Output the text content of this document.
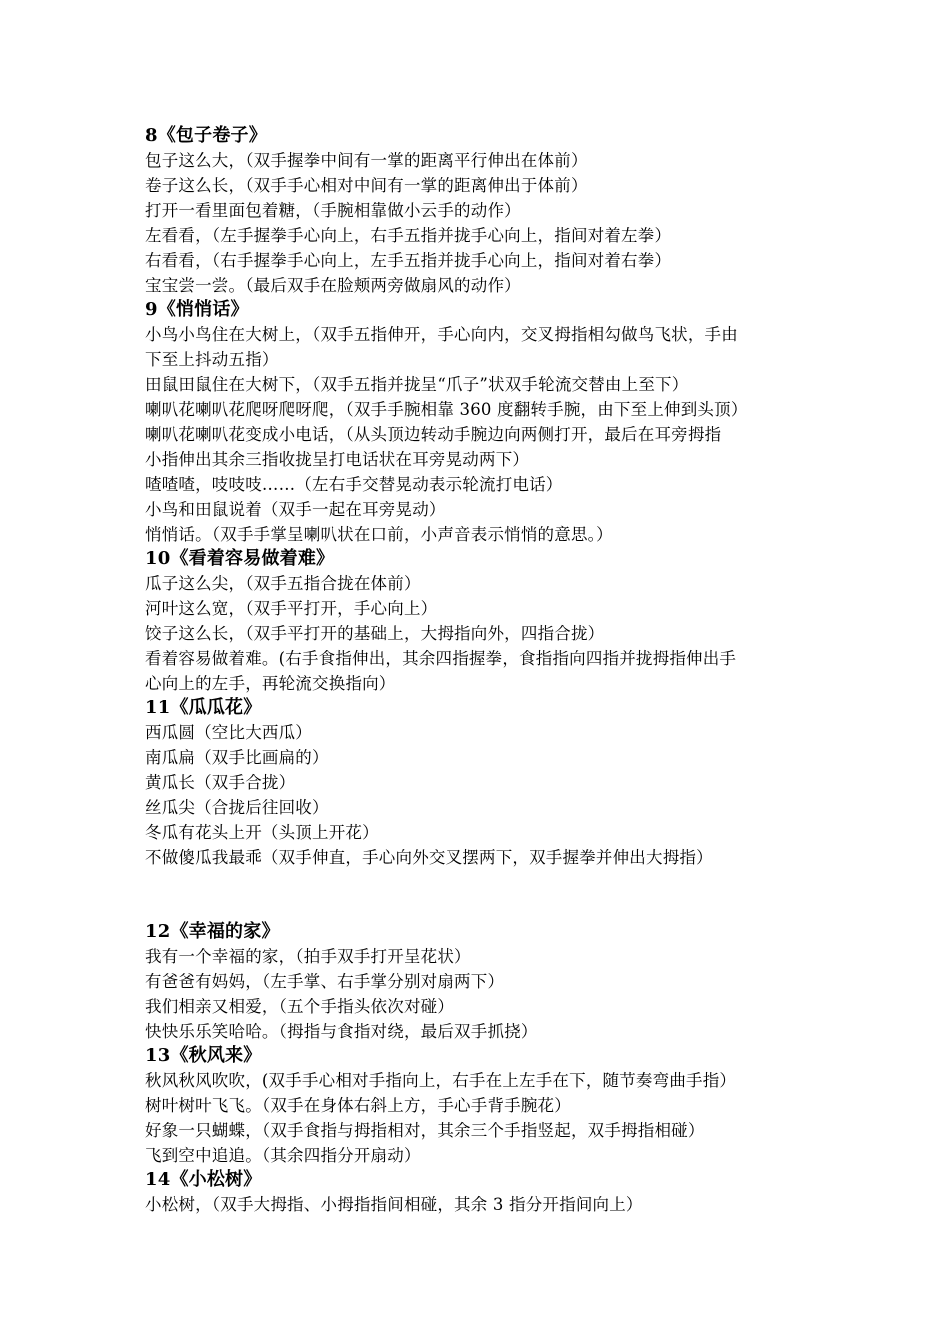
8《包子卷子》
包子这么大，（双手握拳中间有一掌的距离平行伸出在体前）
卷子这么长，（双手手心相对中间有一掌的距离伸出于体前）
打开一看里面包着糖，（手腕相靠做小云手的动作）
左看看，（左手握拳手心向上，右手五指并拢手心向上，指间对着左拳）
右看看，（右手握拳手心向上，左手五指并拢手心向上，指间对着右拳）
宝宝尝一尝。（最后双手在脸颊两旁做扇风的动作）
9《悄悄话》
小鸟小鸟住在大树上，（双手五指伸开，手心向内，交叉拇指相勾做鸟飞状，手由
下至上抖动五指）
田鼠田鼠住在大树下，（双手五指并拢呈“爪子”状双手轮流交替由上至下）
喇叭花喇叭花爬呀爬呀爬，（双手手腕相靠 360 度翻转手腕，由下至上伸到头顶）
喇叭花喇叭花变成小电话，（从头顶边转动手腕边向两侧打开，最后在耳旁拇指
小指伸出其余三指收拢呈打电话状在耳旁晃动两下）
喳喳喳，吱吱吱……（左右手交替晃动表示轮流打电话）
小鸟和田鼠说着（双手一起在耳旁晃动）
悄悄话。（双手手掌呈喇叭状在口前，小声音表示悄悄的意思。）
10《看着容易做着难》
瓜子这么尖，（双手五指合拢在体前）
河叶这么宽，（双手平打开，手心向上）
饺子这么长，（双手平打开的基础上，大拇指向外，四指合拢）
看着容易做着难。(右手食指伸出，其余四指握拳，食指指向四指并拢拇指伸出手
心向上的左手，再轮流交换指向）
11《瓜瓜花》
西瓜圆（空比大西瓜）
南瓜扁（双手比画扁的）
黄瓜长（双手合拢）
丝瓜尖（合拢后往回收）
冬瓜有花头上开（头顶上开花）
不做傻瓜我最乖（双手伸直，手心向外交叉摆两下，双手握拳并伸出大拇指）
12《幸福的家》
我有一个幸福的家，（拍手双手打开呈花状）
有爸爸有妈妈，（左手掌、右手掌分别对扇两下）
我们相亲又相爱，（五个手指头依次对碰）
快快乐乐笑哈哈。（拇指与食指对绕，最后双手抓挠）
13《秋风来》
秋风秋风吹吹，(双手手心相对手指向上，右手在上左手在下，随节奏弯曲手指）
树叶树叶飞飞。（双手在身体右斜上方，手心手背手腕花）
好象一只蝴蝶，（双手食指与拇指相对，其余三个手指竖起，双手拇指相碰）
飞到空中追追。（其余四指分开扇动）
14《小松树》
小松树，（双手大拇指、小拇指指间相碰，其余 3 指分开指间向上）
